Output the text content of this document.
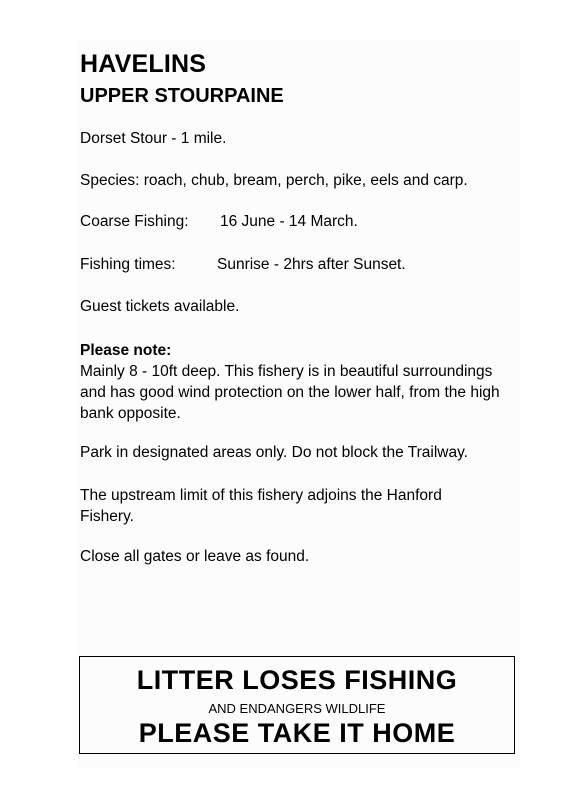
HAVELINS
UPPER STOURPAINE
Dorset Stour - 1 mile.
Species: roach, chub, bream, perch, pike, eels and carp.
Coarse Fishing: 16 June - 14 March.
Fishing times:	Sunrise - 2hrs after Sunset.
Guest tickets available.
Please note:
Mainly 8 - 10ft deep. This fishery is in beautiful surroundings and has good wind protection on the lower half, from the high bank opposite.
Park in designated areas only. Do not block the Trailway.
The upstream limit of this fishery adjoins the Hanford Fishery.
Close all gates or leave as found.
LITTER LOSES FISHING
AND ENDANGERS WILDLIFE
PLEASE TAKE IT HOME
